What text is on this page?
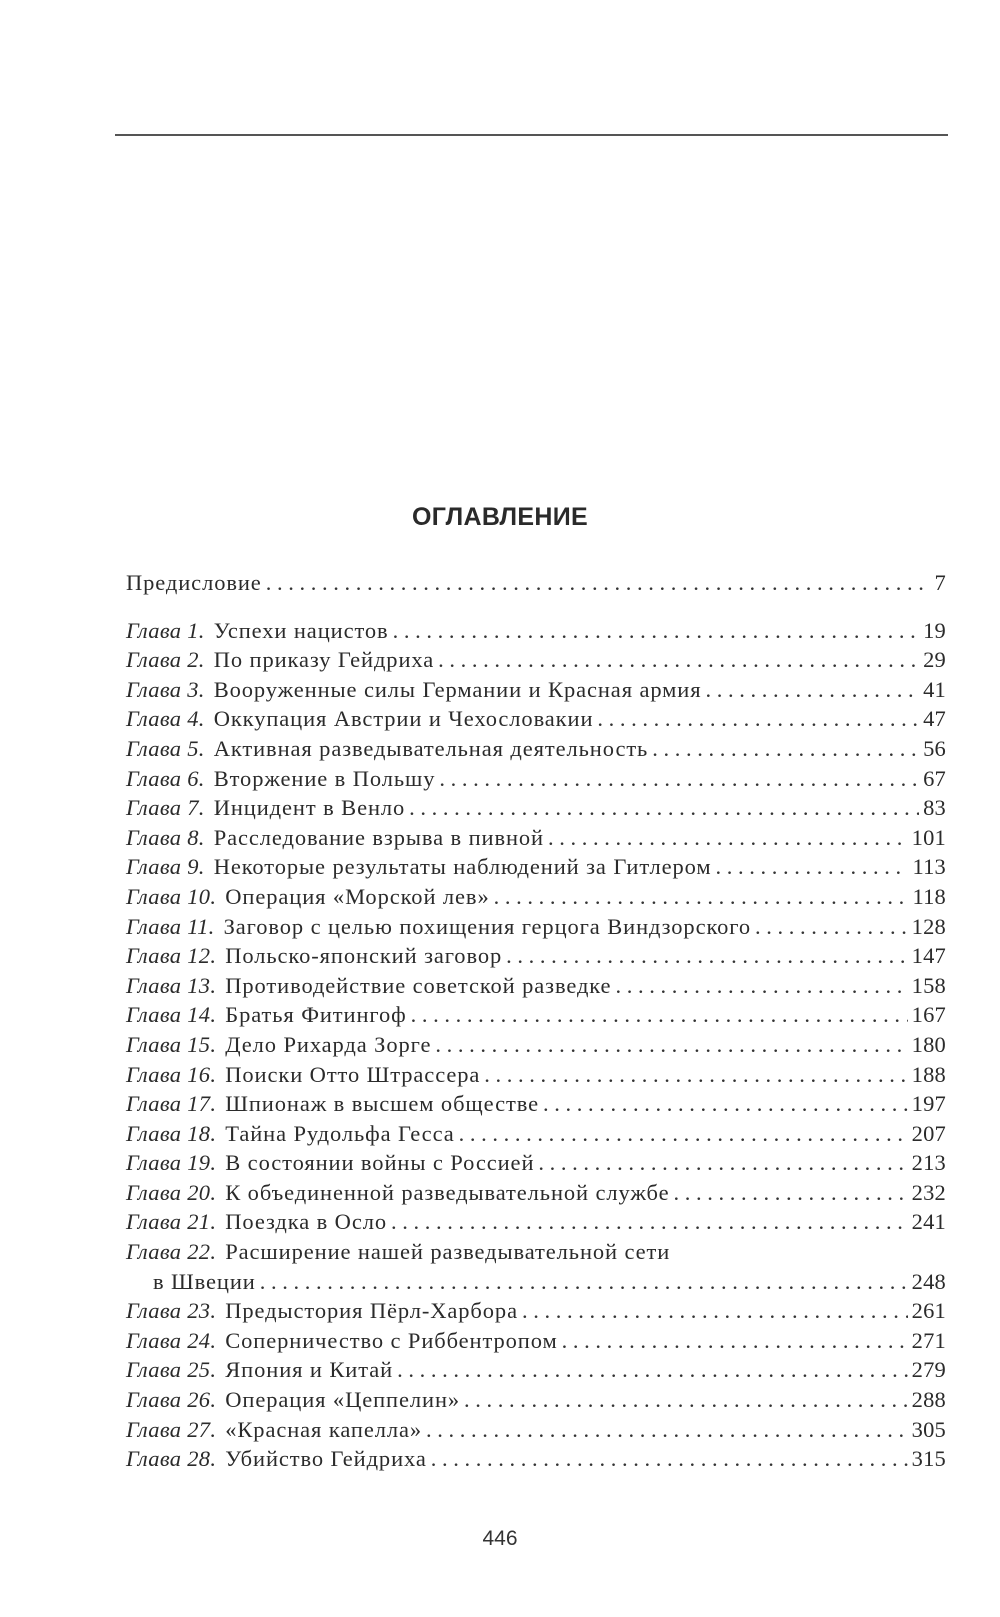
ОГЛАВЛЕНИЕ
Предисловие . . .	7
Глава 1. Успехи нацистов . . .	19
Глава 2. По приказу Гейдриха . . .	29
Глава 3. Вооруженные силы Германии и Красная армия . . .	41
Глава 4. Оккупация Австрии и Чехословакии . . .	47
Глава 5. Активная разведывательная деятельность . . .	56
Глава 6. Вторжение в Польшу . . .	67
Глава 7. Инцидент в Венло . . .	83
Глава 8. Расследование взрыва в пивной . . .	101
Глава 9. Некоторые результаты наблюдений за Гитлером . . .	113
Глава 10. Операция «Морской лев» . . .	118
Глава 11. Заговор с целью похищения герцога Виндзорского . . .	128
Глава 12. Польско-японский заговор . . .	147
Глава 13. Противодействие советской разведке . . .	158
Глава 14. Братья Фитингоф . . .	167
Глава 15. Дело Рихарда Зорге . . .	180
Глава 16. Поиски Отто Штрассера . . .	188
Глава 17. Шпионаж в высшем обществе . . .	197
Глава 18. Тайна Рудольфа Гесса . . .	207
Глава 19. В состоянии войны с Россией . . .	213
Глава 20. К объединенной разведывательной службе . . .	232
Глава 21. Поездка в Осло . . .	241
Глава 22. Расширение нашей разведывательной сети
в Швеции . . .	248
Глава 23. Предыстория Пёрл-Харбора . . .	261
Глава 24. Соперничество с Риббентропом . . .	271
Глава 25. Япония и Китай . . .	279
Глава 26. Операция «Цеппелин» . . .	288
Глава 27. «Красная капелла» . . .	305
Глава 28. Убийство Гейдриха . . .	315
446
